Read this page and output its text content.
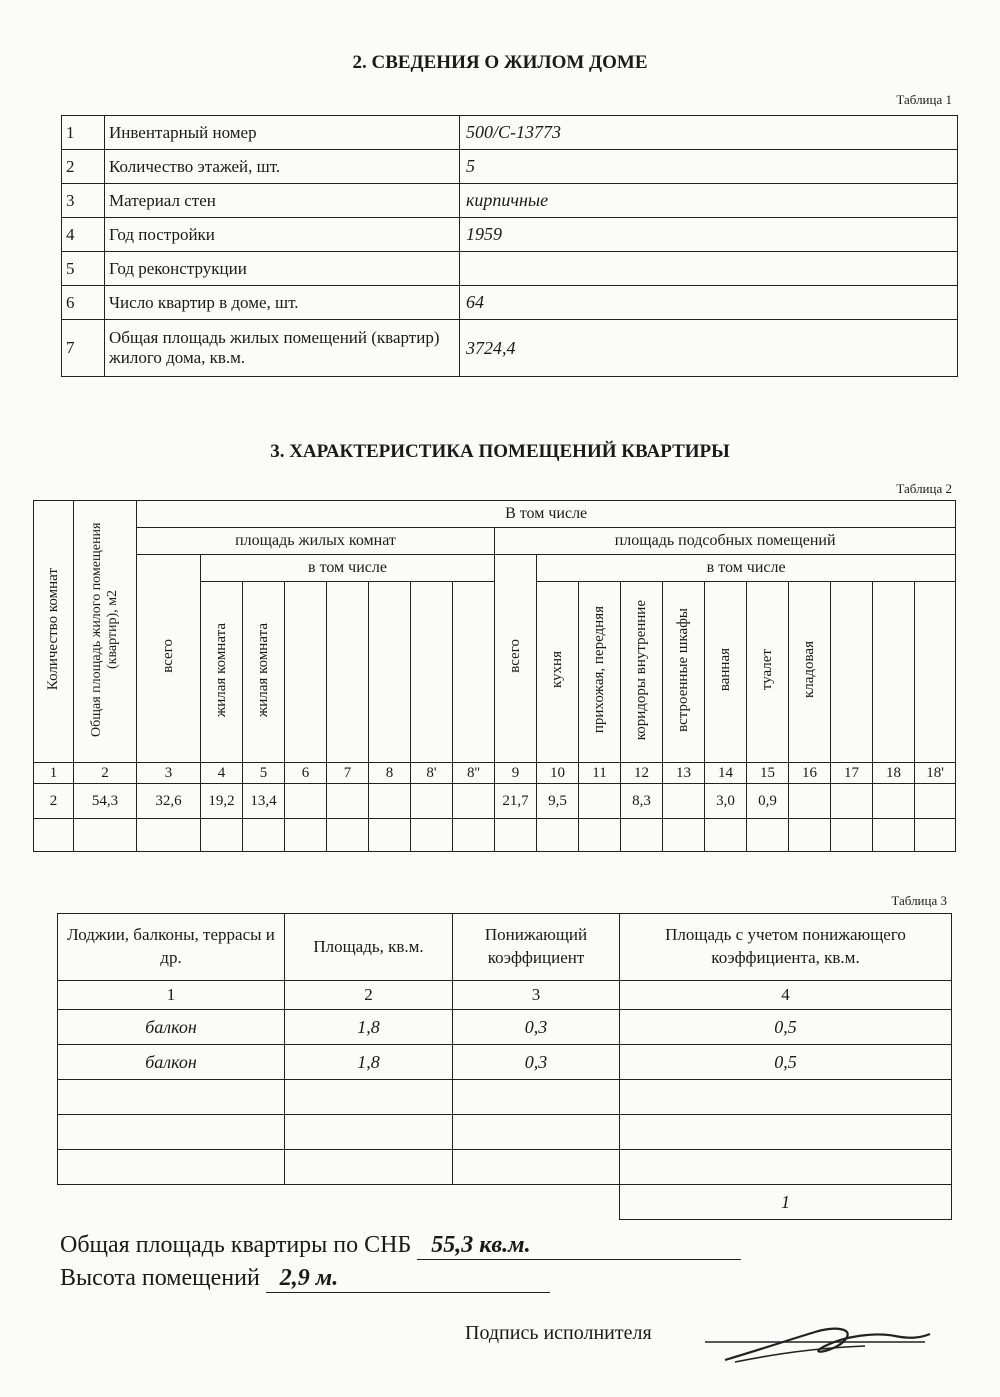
2. СВЕДЕНИЯ О ЖИЛОМ ДОМЕ
Таблица 1
1	Инвентарный номер	500/С-13773
2	Количество этажей, шт.	5
3	Материал стен	кирпичные
4	Год постройки	1959
5	Год реконструкции	
6	Число квартир в доме, шт.	64
7	Общая площадь жилых помещений (квартир) жилого дома, кв.м.	3724,4
3. ХАРАКТЕРИСТИКА ПОМЕЩЕНИЙ КВАРТИРЫ
Таблица 2
Количество комнат	Общая площадь жилого помещения (квартир), м2	В том числе																		
		площадь жилых комнат								площадь подсобных помещений										
		всего	в том числе							всего	в том числе									
			жилая комната	жилая комната							кухня	прихожая, передняя	коридоры внутренние	встроенные шкафы	ванная	туалет	кладовая			
1	2	3	4	5	6	7	8	8'	8''	9	10	11	12	13	14	15	16	17	18	18'
2	54,3	32,6	19,2	13,4						21,7	9,5		8,3		3,0	0,9				

Таблица 3
Лоджии, балконы, террасы и др.	Площадь, кв.м.	Понижающий коэффициент	Площадь с учетом понижающего коэффициента, кв.м.
1	2	3	4
балкон	1,8	0,3	0,5
балкон	1,8	0,3	0,5

			1
Общая площадь квартиры по СНБ 55,3 кв.м.
Высота помещений 2,9 м.
Подпись исполнителя
